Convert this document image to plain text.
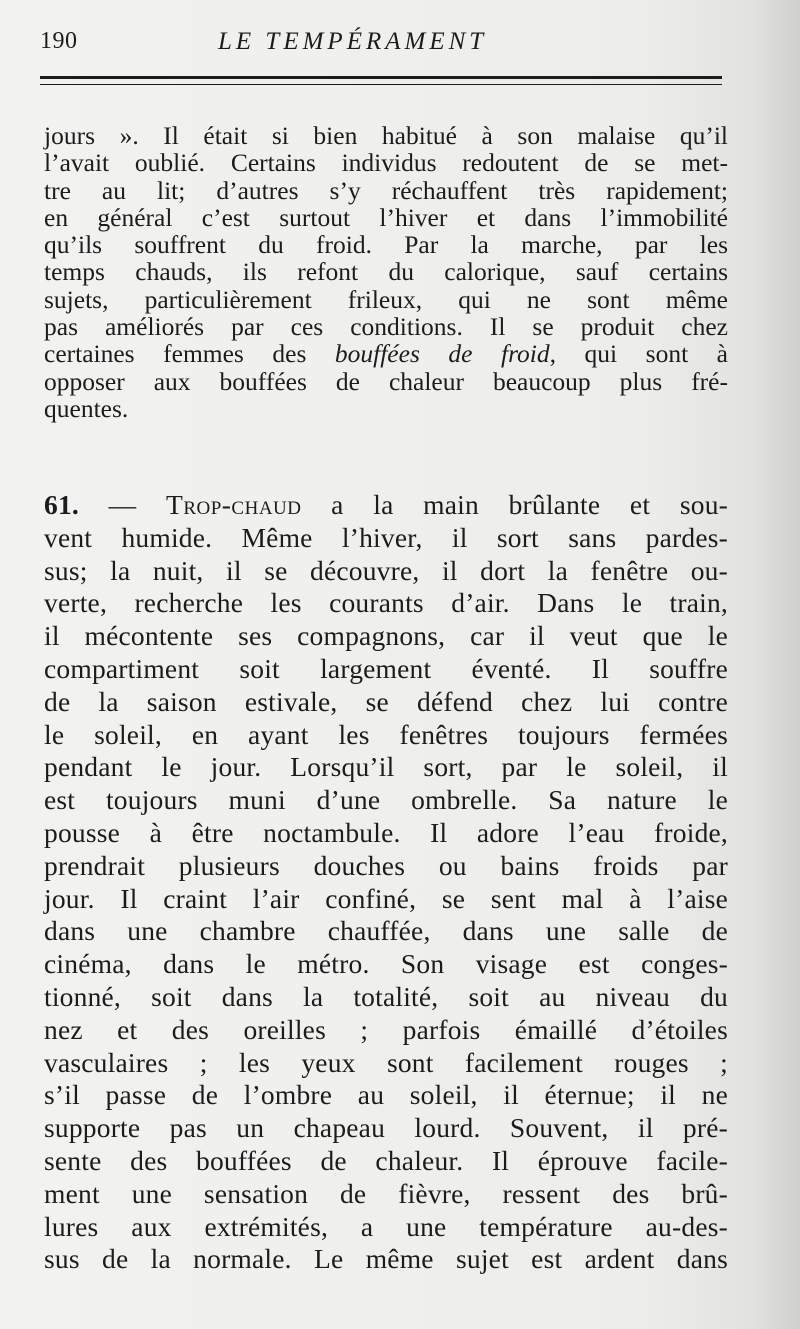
190	LE TEMPÉRAMENT

jours ». Il était si bien habitué à son malaise qu’il
l’avait oublié. Certains individus redoutent de se met-
tre au lit; d’autres s’y réchauffent très rapidement;
en général c’est surtout l’hiver et dans l’immobilité
qu’ils souffrent du froid. Par la marche, par les
temps chauds, ils refont du calorique, sauf certains
sujets, particulièrement frileux, qui ne sont même
pas améliorés par ces conditions. Il se produit chez
certaines femmes des bouffées de froid, qui sont à
opposer aux bouffées de chaleur beaucoup plus fré-
quentes.

61. — Trop-chaud a la main brûlante et sou-
vent humide. Même l’hiver, il sort sans pardes-
sus; la nuit, il se découvre, il dort la fenêtre ou-
verte, recherche les courants d’air. Dans le train,
il mécontente ses compagnons, car il veut que le
compartiment soit largement éventé. Il souffre
de la saison estivale, se défend chez lui contre
le soleil, en ayant les fenêtres toujours fermées
pendant le jour. Lorsqu’il sort, par le soleil, il
est toujours muni d’une ombrelle. Sa nature le
pousse à être noctambule. Il adore l’eau froide,
prendrait plusieurs douches ou bains froids par
jour. Il craint l’air confiné, se sent mal à l’aise
dans une chambre chauffée, dans une salle de
cinéma, dans le métro. Son visage est conges-
tionné, soit dans la totalité, soit au niveau du
nez et des oreilles ; parfois émaillé d’étoiles
vasculaires ; les yeux sont facilement rouges ;
s’il passe de l’ombre au soleil, il éternue; il ne
supporte pas un chapeau lourd. Souvent, il pré-
sente des bouffées de chaleur. Il éprouve facile-
ment une sensation de fièvre, ressent des brû-
lures aux extrémités, a une température au-des-
sus de la normale. Le même sujet est ardent dans
